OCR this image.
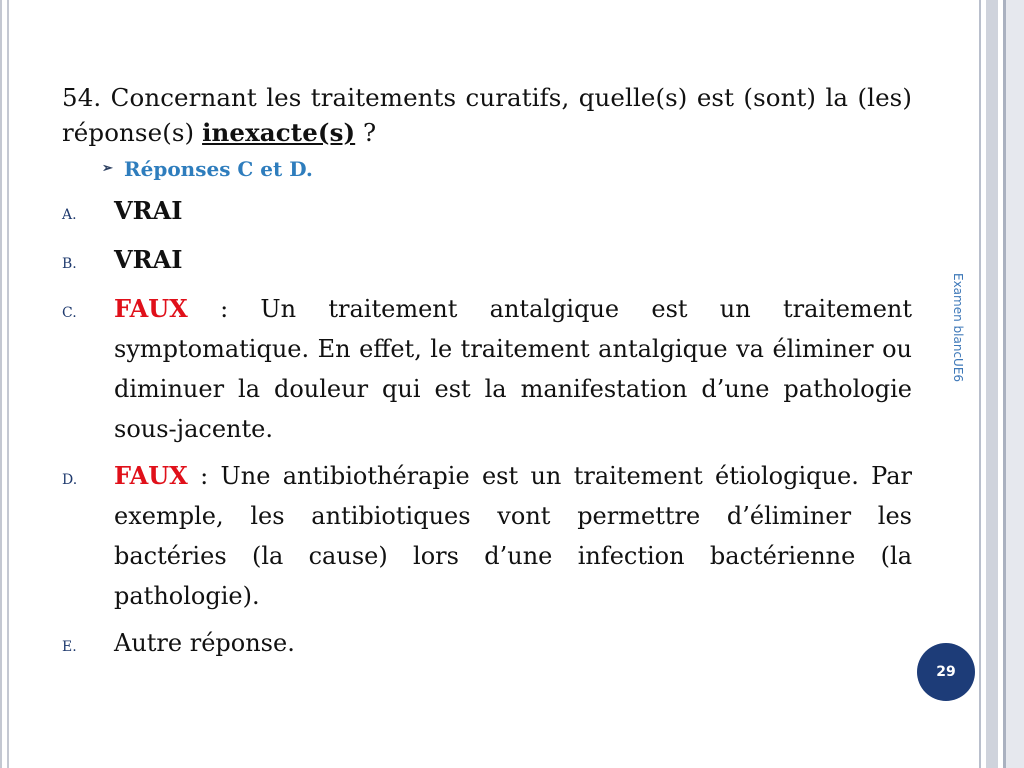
54. Concernant les traitements curatifs, quelle(s) est (sont) la (les) réponse(s) inexacte(s) ?

➢ Réponses C et D.
A.	VRAI
B.	VRAI
C.	FAUX : Un traitement antalgique est un traitement symptomatique. En effet, le traitement antalgique va éliminer ou diminuer la douleur qui est la manifestation d’une pathologie sous-jacente.
D.	FAUX : Une antibiothérapie est un traitement étiologique. Par exemple, les antibiotiques vont permettre d’éliminer les bactéries (la cause) lors d’une infection bactérienne (la pathologie).
E.	Autre réponse.
Examen blancUE6
29
